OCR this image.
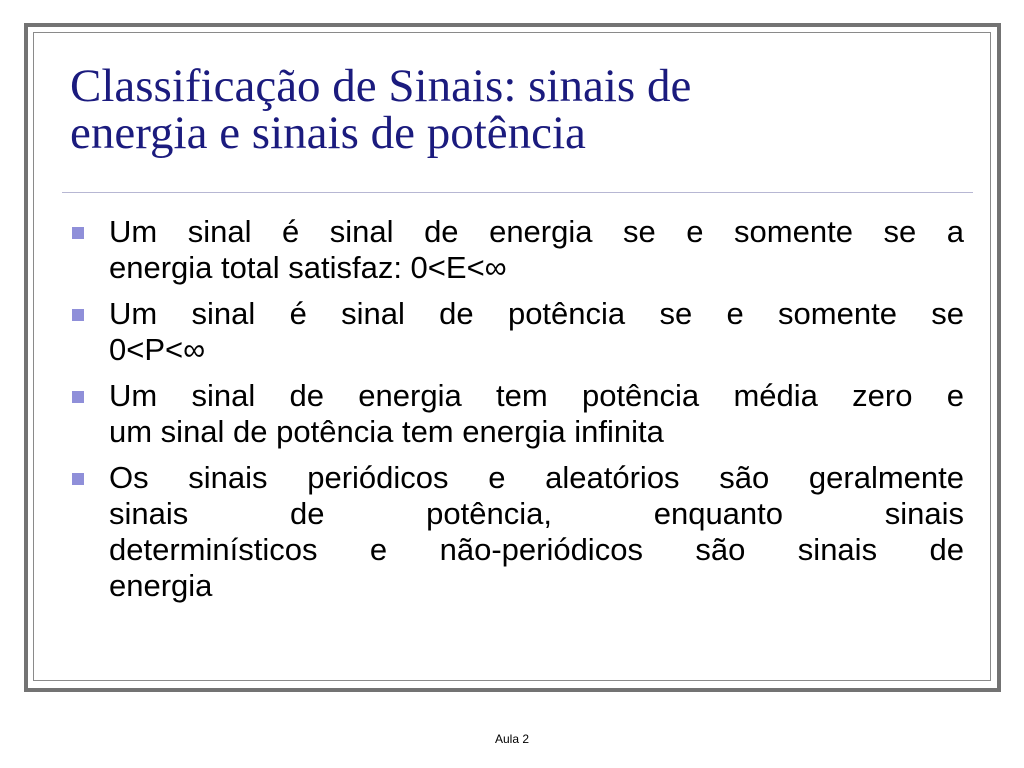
Classificação de Sinais: sinais de
energia e sinais de potência
Um sinal é sinal de energia se e somente se a
energia total satisfaz: 0<E<∞
Um sinal é sinal de potência se e somente se
0<P<∞
Um sinal de energia tem potência média zero e
um sinal de potência tem energia infinita
Os sinais periódicos e aleatórios são geralmente
sinais de potência, enquanto sinais
determinísticos e não-periódicos são sinais de
energia
Aula 2
